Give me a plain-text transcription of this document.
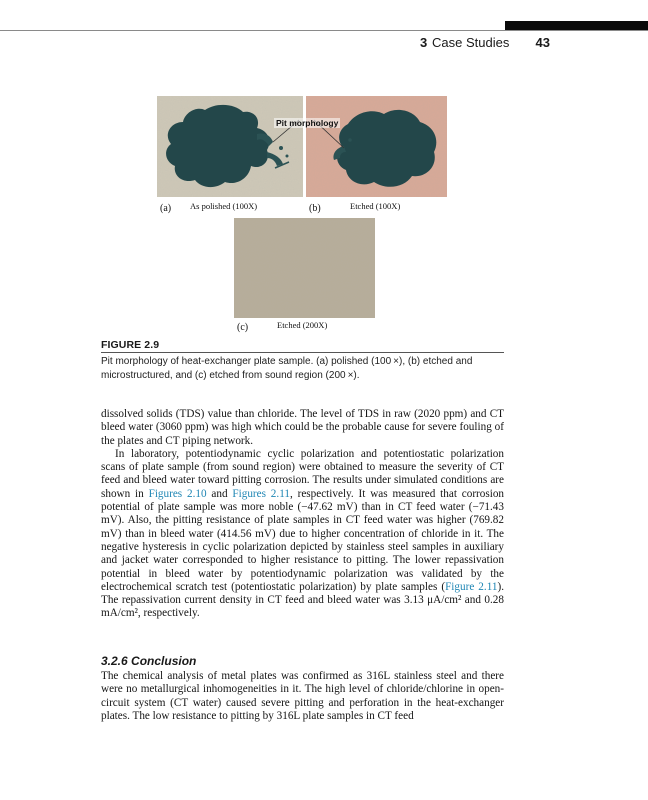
3 Case Studies 43
Pit morphology
(a) As polished (100X)	(b)	Etched (100X)
(c)	Etched (200X)
FIGURE 2.9
Pit morphology of heat-exchanger plate sample. (a) polished (100 ×), (b) etched and microstructured, and (c) etched from sound region (200 ×).

dissolved solids (TDS) value than chloride. The level of TDS in raw (2020 ppm) and CT bleed water (3060 ppm) was high which could be the probable cause for severe fouling of the plates and CT piping network.

In laboratory, potentiodynamic cyclic polarization and potentiostatic polarization scans of plate sample (from sound region) were obtained to measure the severity of CT feed and bleed water toward pitting corrosion. The results under simulated conditions are shown in Figures 2.10 and Figures 2.11, respectively. It was measured that corrosion potential of plate sample was more noble (−47.62 mV) than in CT feed water (−71.43 mV). Also, the pitting resistance of plate samples in CT feed water was higher (769.82 mV) than in bleed water (414.56 mV) due to higher concentration of chloride in it. The negative hysteresis in cyclic polarization depicted by stainless steel samples in auxiliary and jacket water corresponded to higher resistance to pitting. The lower repassivation potential in bleed water by potentiodynamic polarization was validated by the electrochemical scratch test (potentiostatic polarization) by plate samples (Figure 2.11). The repassivation current density in CT feed and bleed water was 3.13 μA/cm² and 0.28 mA/cm², respectively.

3.2.6 Conclusion

The chemical analysis of metal plates was confirmed as 316L stainless steel and there were no metallurgical inhomogeneities in it. The high level of chloride/chlorine in open-circuit system (CT water) caused severe pitting and perforation in the heat-exchanger plates. The low resistance to pitting by 316L plate samples in CT feed
